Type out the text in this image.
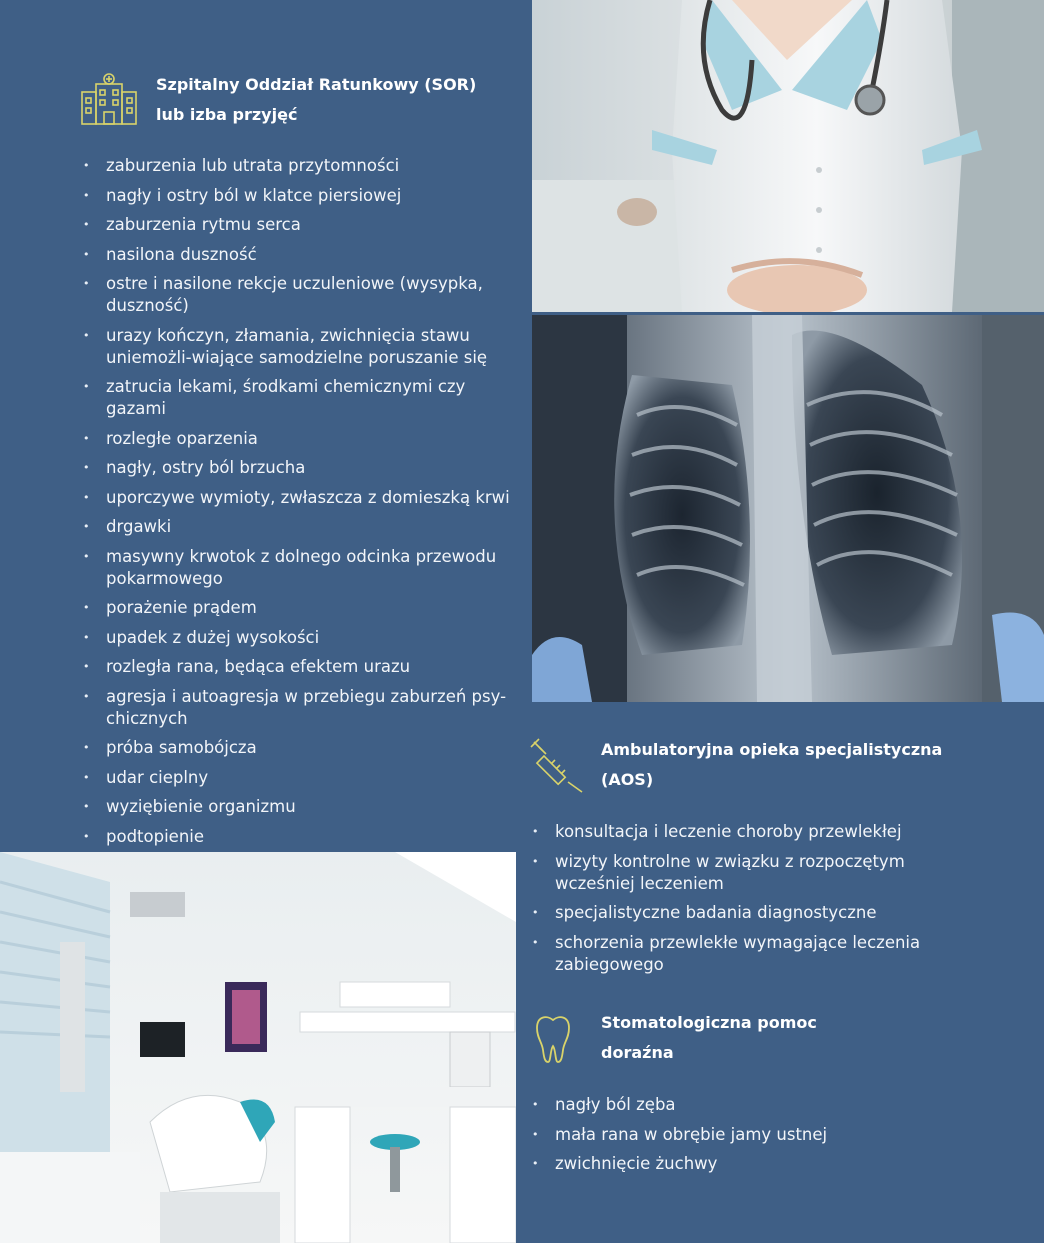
Szpitalny Oddział Ratunkowy (SOR)
lub izba przyjęć
• zaburzenia lub utrata przytomności
• nagły i ostry ból w klatce piersiowej
• zaburzenia rytmu serca
• nasilona duszność
• ostre i nasilone rekcje uczuleniowe (wysypka, duszność)
• urazy kończyn, złamania, zwichnięcia stawu uniemożli-wiające samodzielne poruszanie się
• zatrucia lekami, środkami chemicznymi czy gazami
• rozległe oparzenia
• nagły, ostry ból brzucha
• uporczywe wymioty, zwłaszcza z domieszką krwi
• drgawki
• masywny krwotok z dolnego odcinka przewodu pokarmowego
• porażenie prądem
• upadek z dużej wysokości
• rozległa rana, będąca efektem urazu
• agresja i autoagresja w przebiegu zaburzeń psy-chicznych
• próba samobójcza
• udar cieplny
• wyziębienie organizmu
• podtopienie
Ambulatoryjna opieka specjalistyczna
(AOS)
• konsultacja i leczenie choroby przewlekłej
• wizyty kontrolne w związku z rozpoczętym wcześniej leczeniem
• specjalistyczne badania diagnostyczne
• schorzenia przewlekłe wymagające leczenia zabiegowego
Stomatologiczna pomoc
doraźna
• nagły ból zęba
• mała rana w obrębie jamy ustnej
• zwichnięcie żuchwy
